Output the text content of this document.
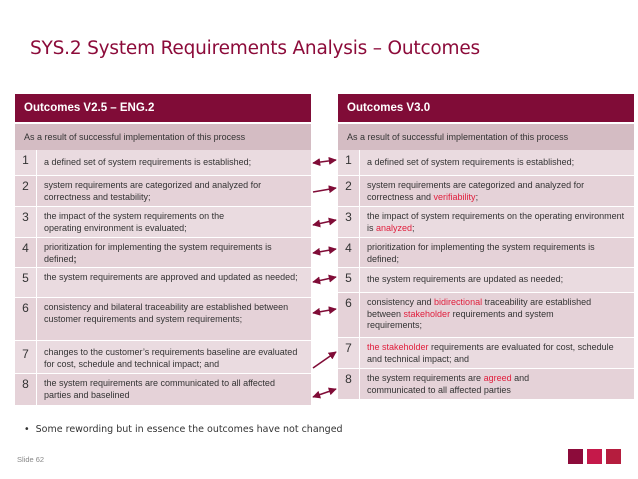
SYS.2 System Requirements Analysis – Outcomes
Outcomes V2.5 – ENG.2
As a result of successful implementation of this process
1	a defined set of system requirements is established;
2	system requirements are categorized and analyzed for correctness and testability;
3	the impact of the system requirements on the operating environment is evaluated;
4	prioritization for implementing the system requirements is defined;
5	the system requirements are approved and updated as needed;
6	consistency and bilateral traceability are established between customer requirements and system requirements;
7	changes to the customer’s requirements baseline are evaluated for cost, schedule and technical impact; and
8	the system requirements are communicated to all affected parties and baselined
Outcomes V3.0
As a result of successful implementation of this process
1	a defined set of system requirements is established;
2	system requirements are categorized and analyzed for correctness and verifiability;
3	the impact of system requirements on the operating environment is analyzed;
4	prioritization for implementing the system requirements is defined;
5	the system requirements are updated as needed;
6	consistency and bidirectional traceability are established between stakeholder requirements and system requirements;
7	the stakeholder requirements are evaluated for cost, schedule and technical impact; and
8	the system requirements are agreed and communicated to all affected parties
• Some rewording but in essence the outcomes have not changed
Slide 62
